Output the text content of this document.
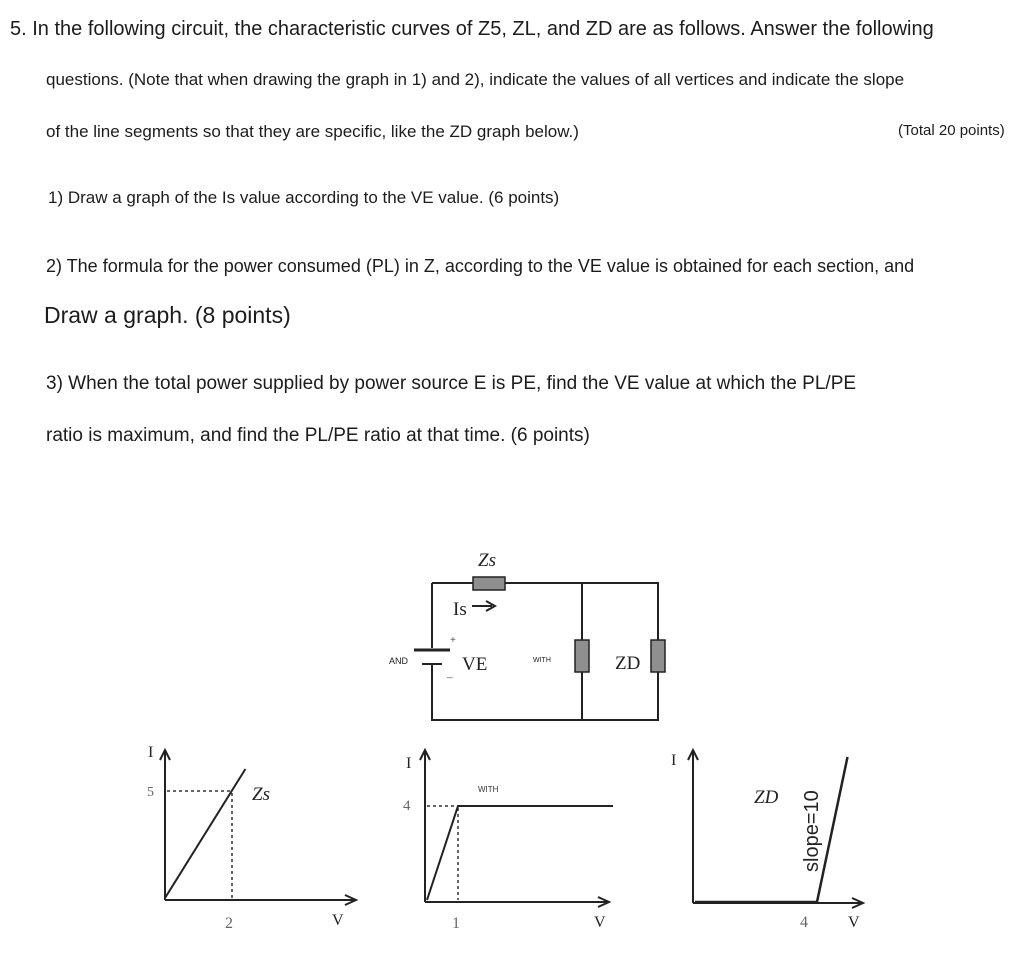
5. In the following circuit, the characteristic curves of Z5, ZL, and ZD are as follows. Answer the following
questions. (Note that when drawing the graph in 1) and 2), indicate the values of all vertices and indicate the slope
of the line segments so that they are specific, like the ZD graph below.)	(Total 20 points)
1) Draw a graph of the Is value according to the VE value. (6 points)
2) The formula for the power consumed (PL) in Z, according to the VE value is obtained for each section, and
Draw a graph. (8 points)
3) When the total power supplied by power source E is PE, find the VE value at which the PL/PE
ratio is maximum, and find the PL/PE ratio at that time. (6 points)
Zs
Is
AND
+
_ VE	WITH	ZD
I
5
2	V
Zs
I
4
1	V
WITH
I
4	V
ZD slope=10
